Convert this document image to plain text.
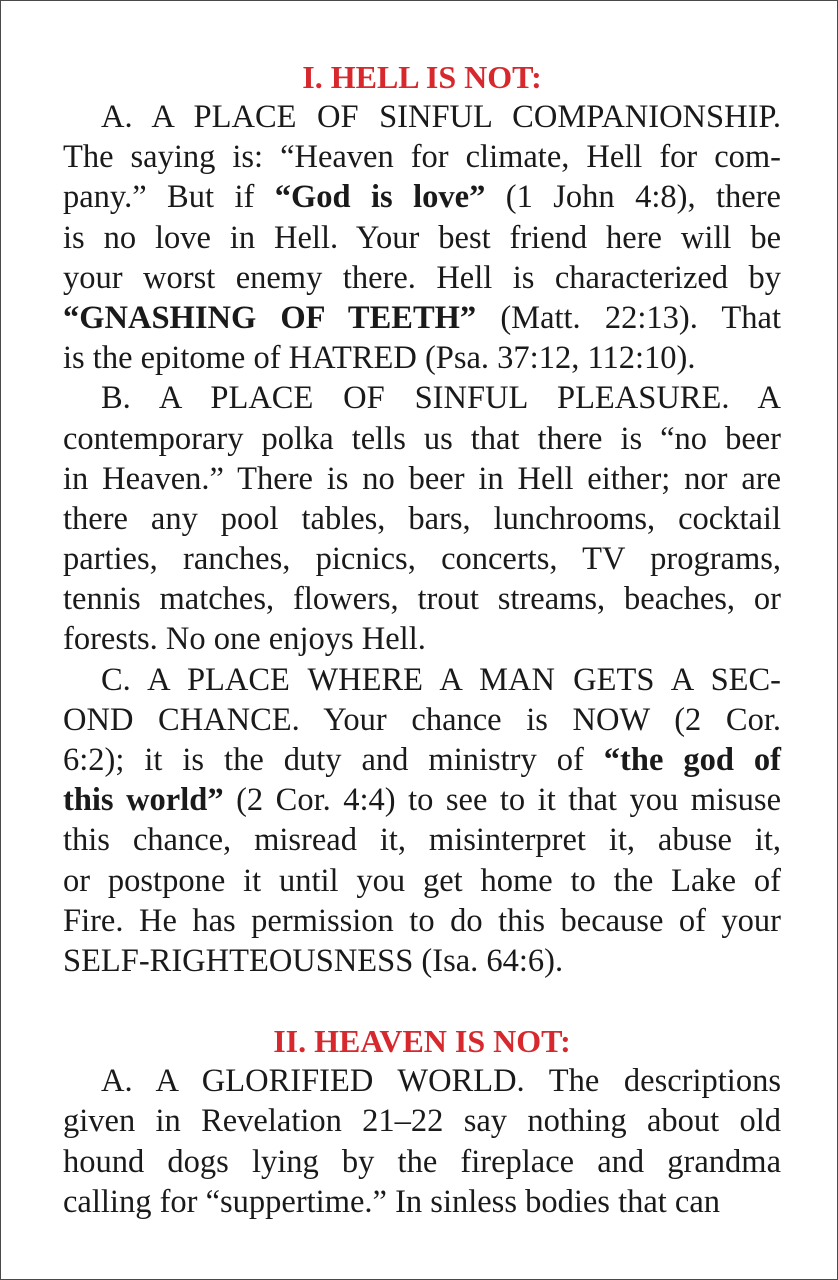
I. HELL IS NOT:
A. A PLACE OF SINFUL COMPANIONSHIP.
The saying is: “Heaven for climate, Hell for com-
pany.” But if “God is love” (1 John 4:8), there
is no love in Hell. Your best friend here will be
your worst enemy there. Hell is characterized by
“GNASHING OF TEETH” (Matt. 22:13). That
is the epitome of HATRED (Psa. 37:12, 112:10).
B. A PLACE OF SINFUL PLEASURE. A
contemporary polka tells us that there is “no beer
in Heaven.” There is no beer in Hell either; nor are
there any pool tables, bars, lunchrooms, cocktail
parties, ranches, picnics, concerts, TV programs,
tennis matches, flowers, trout streams, beaches, or
forests. No one enjoys Hell.
C. A PLACE WHERE A MAN GETS A SEC-
OND CHANCE. Your chance is NOW (2 Cor.
6:2); it is the duty and ministry of “the god of
this world” (2 Cor. 4:4) to see to it that you misuse
this chance, misread it, misinterpret it, abuse it,
or postpone it until you get home to the Lake of
Fire. He has permission to do this because of your
SELF-RIGHTEOUSNESS (Isa. 64:6).
II. HEAVEN IS NOT:
A. A GLORIFIED WORLD. The descriptions
given in Revelation 21–22 say nothing about old
hound dogs lying by the fireplace and grandma
calling for “suppertime.” In sinless bodies that can
